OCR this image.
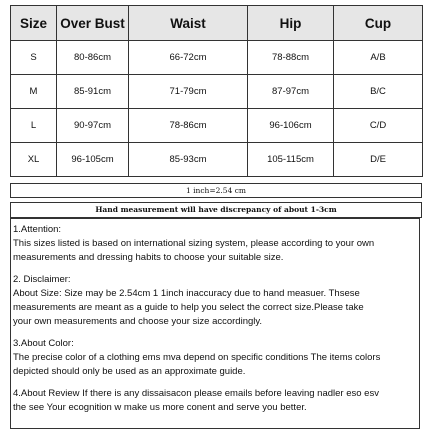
Size	Over Bust	Waist	Hip	Cup
S	80-86cm	66-72cm	78-88cm	A/B
M	85-91cm	71-79cm	87-97cm	B/C
L	90-97cm	78-86cm	96-106cm	C/D
XL	96-105cm	85-93cm	105-115cm	D/E
1 inch=2.54 cm
Hand measurement will have discrepancy of about 1-3cm
1.Attention:
This sizes listed is based on international sizing system, please according to your own
measurements and dressing habits to choose your suitable size.
2. Disclaimer:
About Size: Size may be 2.54cm 1 1inch inaccuracy due to hand measuer. Thsese
measurements are meant as a guide to help you select the correct size.Please take
your own measurements and choose your size accordingly.
3.About Color:
The precise color of a clothing ems mva depend on specific conditions The items colors
depicted should only be used as an approximate guide.
4.About Review If there is any dissaisacon please emails before leaving nadler eso esv
the see Your ecognition w make us more conent and serve you better.
